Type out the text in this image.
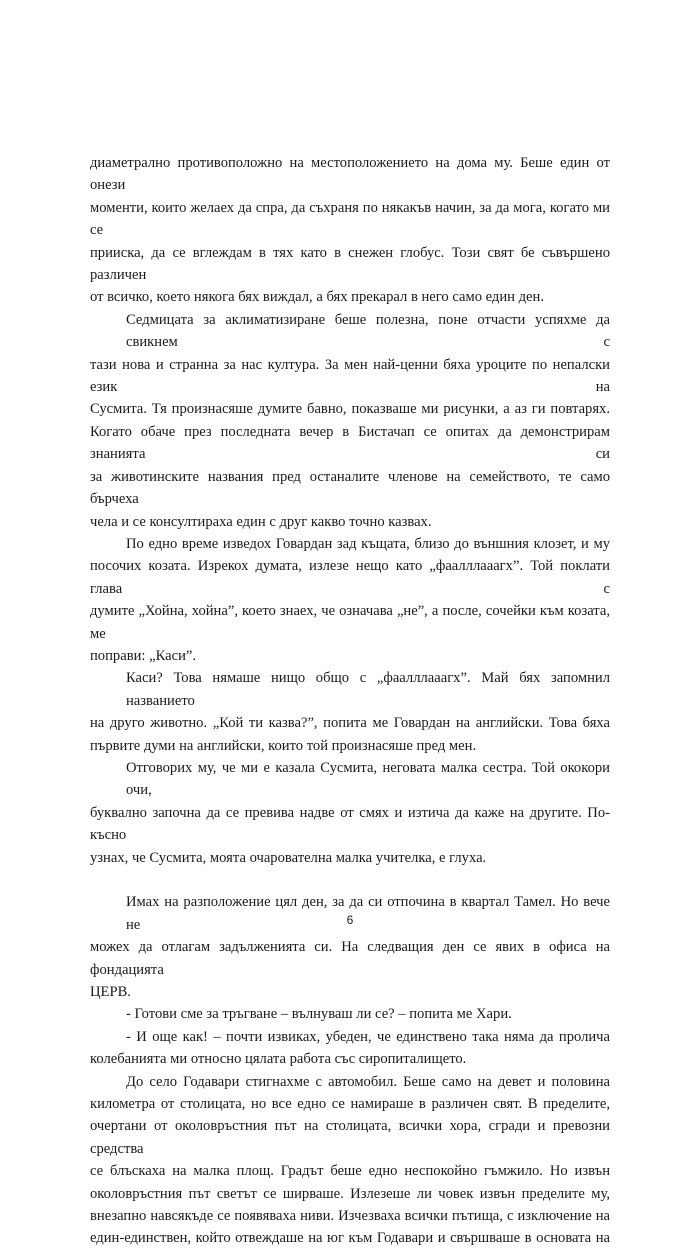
диаметрално противоположно на местоположението на дома му. Беше един от онези
моменти, които желаех да спра, да съхраня по някакъв начин, за да мога, когато ми се
прииска, да се вглеждам в тях като в снежен глобус. Този свят бе съвършено различен
от всичко, което някога бях виждал, а бях прекарал в него само един ден.
Седмицата за аклиматизиране беше полезна, поне отчасти успяхме да свикнем с
тази нова и странна за нас култура. За мен най-ценни бяха уроците по непалски език на
Сусмита. Тя произнасяше думите бавно, показваше ми рисунки, а аз ги повтарях.
Когато обаче през последната вечер в Бистачап се опитах да демонстрирам знанията си
за животинските названия пред останалите членове на семейството, те само бърчеха
чела и се консултираха един с друг какво точно казвах.
По едно време изведох Говардан зад къщата, близо до външния клозет, и му
посочих козата. Изрекох думата, излезе нещо като „фаалллааагх”. Той поклати глава с
думите „Хойна, хойна”, което знаех, че означава „не”, а после, сочейки към козата, ме
поправи: „Каси”.
Каси? Това нямаше нищо общо с „фаалллааагх”. Май бях запомнил названието
на друго животно. „Кой ти казва?”, попита ме Говардан на английски. Това бяха
първите думи на английски, които той произнасяше пред мен.
Отговорих му, че ми е казала Сусмита, неговата малка сестра. Той ококори очи,
буквално започна да се превива надве от смях и изтича да каже на другите. По-късно
узнах, че Сусмита, моята очарователна малка учителка, е глуха.
Имах на разположение цял ден, за да си отпочина в квартал Тамел. Но вече не
можех да отлагам задълженията си. На следващия ден се явих в офиса на фондацията
ЦЕРВ.
- Готови сме за тръгване – вълнуваш ли се? – попита ме Хари.
- И още как! – почти извиках, убеден, че единствено така няма да пролича
колебанията ми относно цялата работа със сиропиталището.
До село Годавари стигнахме с автомобил. Беше само на девет и половина
километра от столицата, но все едно се намираше в различен свят. В пределите,
очертани от околовръстния път на столицата, всички хора, сгради и превозни средства
се блъскаха на малка площ. Градът беше едно неспокойно гъмжило. Но извън
околовръстния път светът се ширваше. Излезеше ли човек извън пределите му,
внезапно навсякъде се появяваха ниви. Изчезваха всички пътища, с изключение на
един-единствен, който отвеждаше на юг към Годавари и свършваше в основата на
6
